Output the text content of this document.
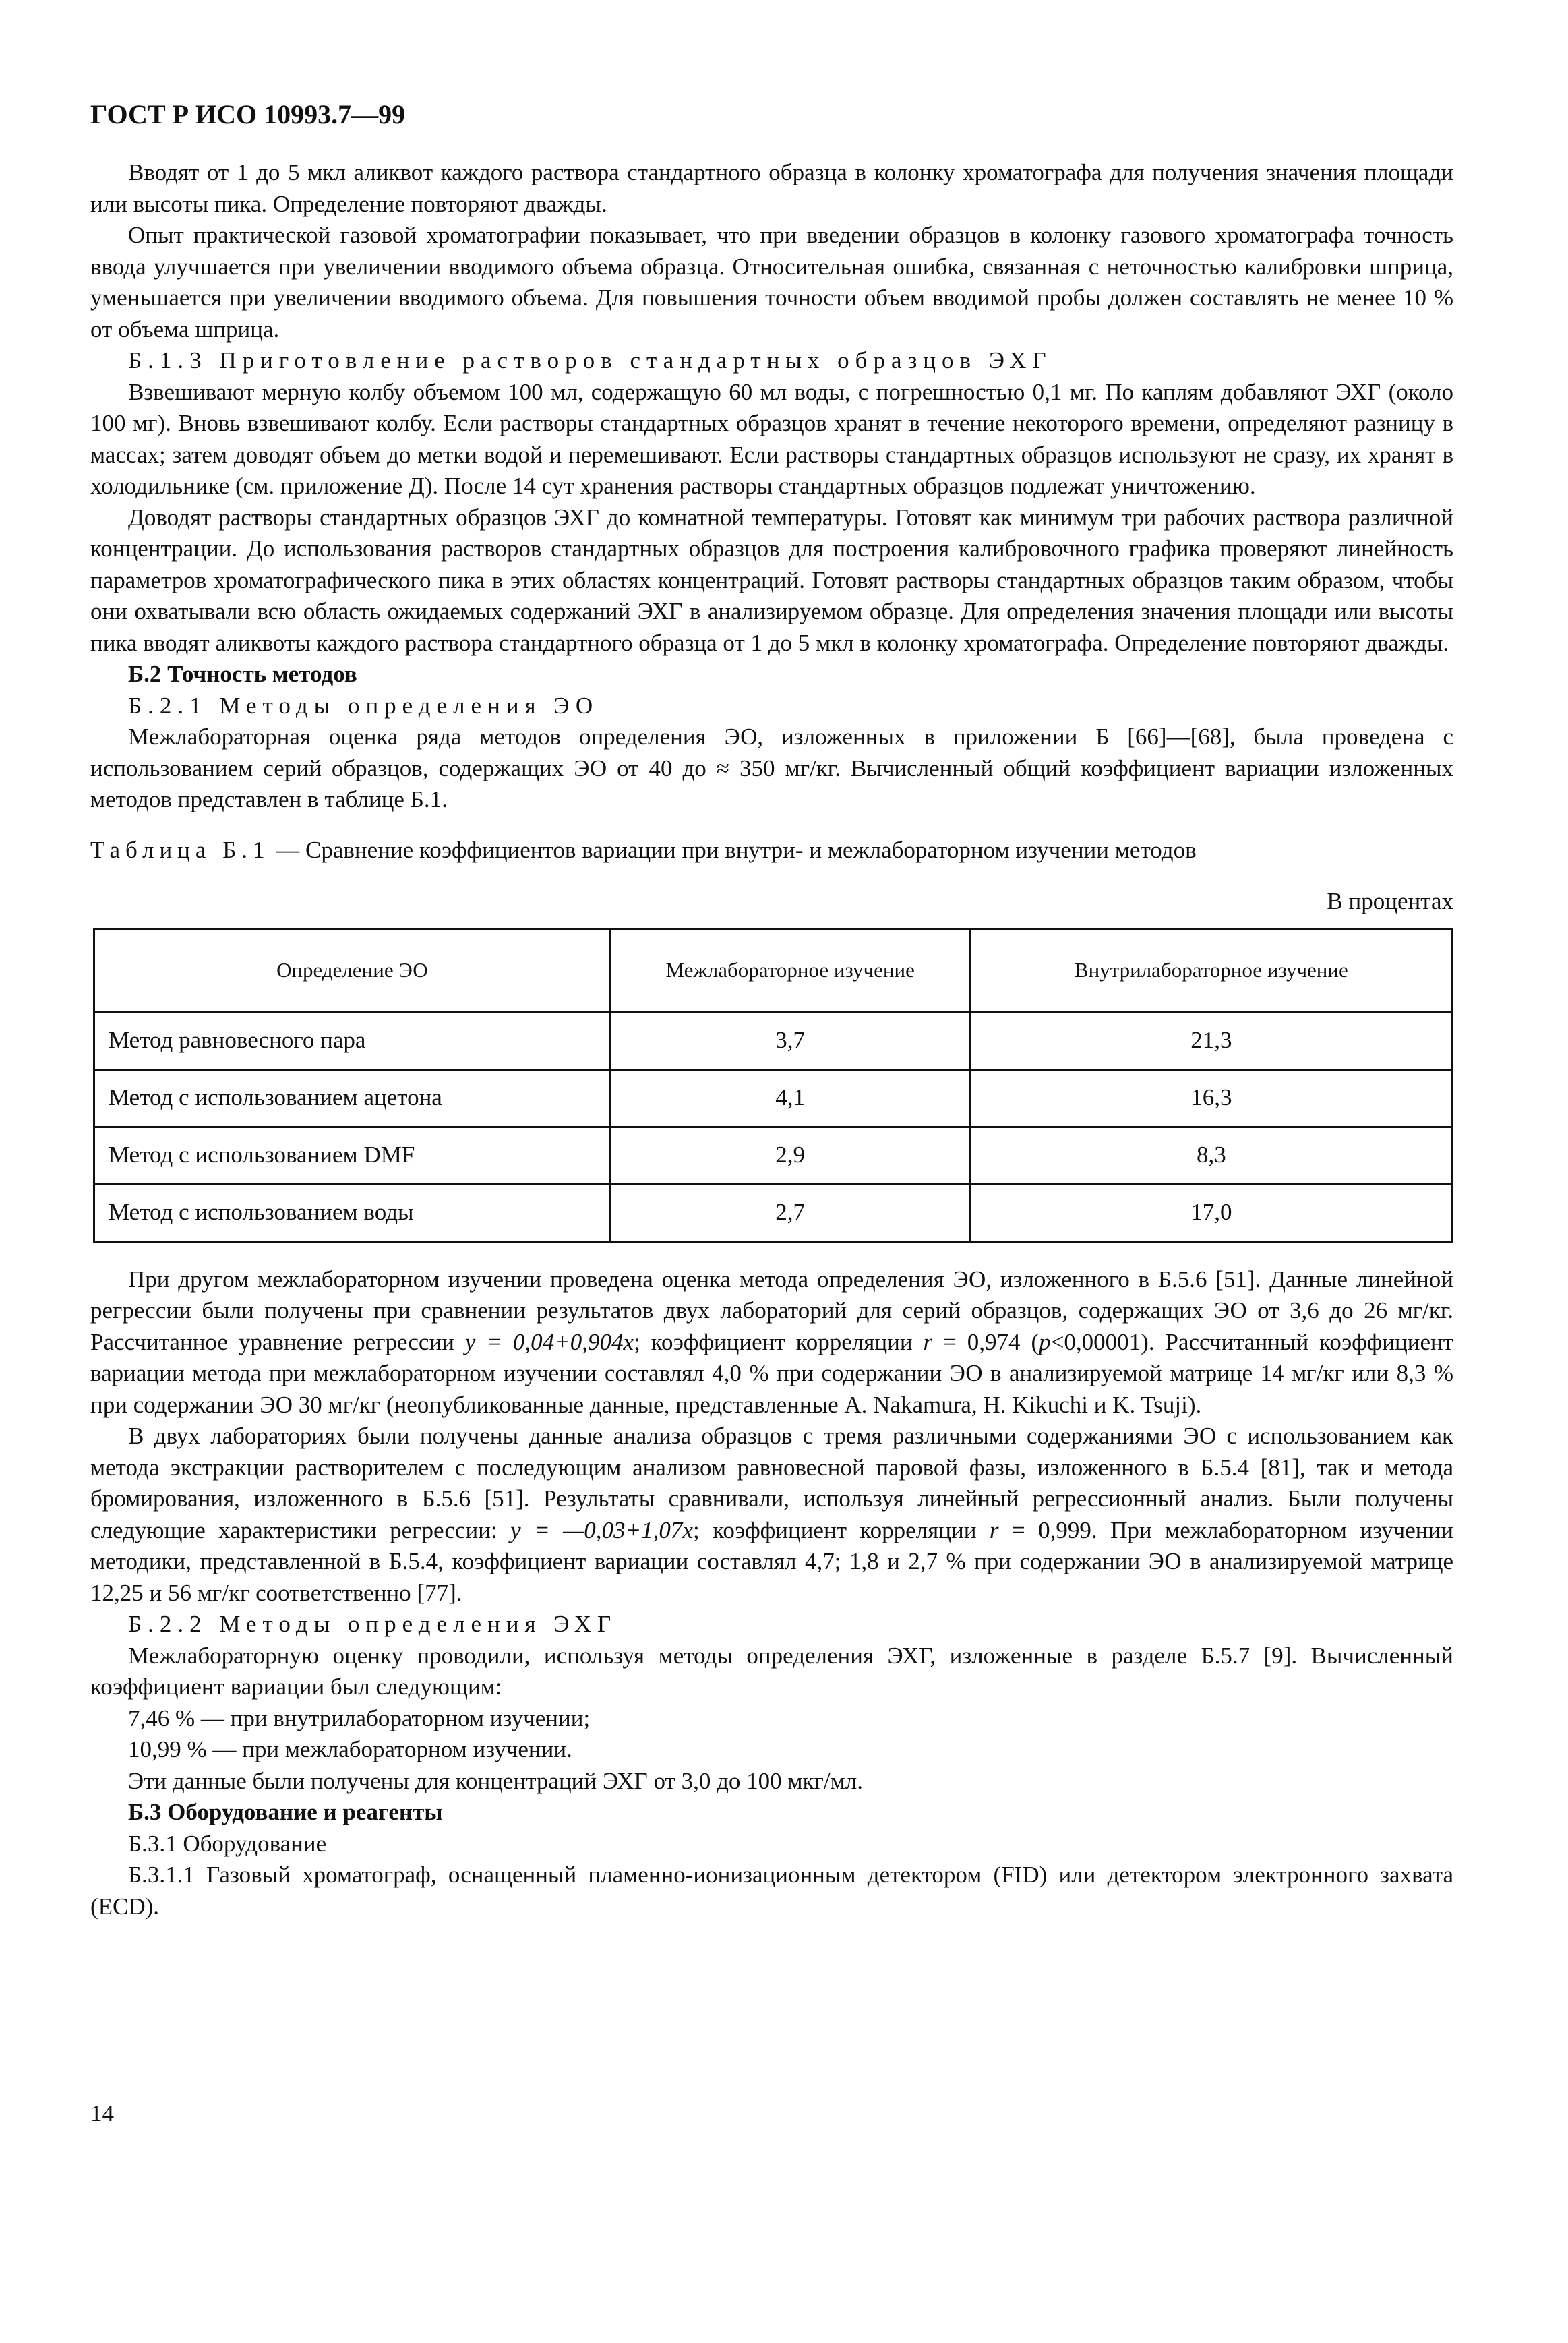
ГОСТ Р ИСО 10993.7—99

Вводят от 1 до 5 мкл аликвот каждого раствора стандартного образца в колонку хроматографа для получения значения площади или высоты пика. Определение повторяют дважды.

Опыт практической газовой хроматографии показывает, что при введении образцов в колонку газового хроматографа точность ввода улучшается при увеличении вводимого объема образца. Относительная ошибка, связанная с неточностью калибровки шприца, уменьшается при увеличении вводимого объема. Для повышения точности объем вводимой пробы должен составлять не менее 10 % от объема шприца.

Б.1.3 Приготовление растворов стандартных образцов ЭХГ

Взвешивают мерную колбу объемом 100 мл, содержащую 60 мл воды, с погрешностью 0,1 мг. По каплям добавляют ЭХГ (около 100 мг). Вновь взвешивают колбу. Если растворы стандартных образцов хранят в течение некоторого времени, определяют разницу в массах; затем доводят объем до метки водой и перемешивают. Если растворы стандартных образцов используют не сразу, их хранят в холодильнике (см. приложение Д). После 14 сут хранения растворы стандартных образцов подлежат уничтожению.

Доводят растворы стандартных образцов ЭХГ до комнатной температуры. Готовят как минимум три рабочих раствора различной концентрации. До использования растворов стандартных образцов для построения калибровочного графика проверяют линейность параметров хроматографического пика в этих областях концентраций. Готовят растворы стандартных образцов таким образом, чтобы они охватывали всю область ожидаемых содержаний ЭХГ в анализируемом образце. Для определения значения площади или высоты пика вводят аликвоты каждого раствора стандартного образца от 1 до 5 мкл в колонку хроматографа. Определение повторяют дважды.

Б.2 Точность методов

Б.2.1 Методы определения ЭО

Межлабораторная оценка ряда методов определения ЭО, изложенных в приложении Б [66]—[68], была проведена с использованием серий образцов, содержащих ЭО от 40 до ≈ 350 мг/кг. Вычисленный общий коэффициент вариации изложенных методов представлен в таблице Б.1.

Таблица Б.1 — Сравнение коэффициентов вариации при внутри- и межлабораторном изучении методов

В процентах

Определение ЭО	Межлабораторное изучение	Внутрилабораторное изучение
Метод равновесного пара	3,7	21,3
Метод с использованием ацетона	4,1	16,3
Метод с использованием DMF	2,9	8,3
Метод с использованием воды	2,7	17,0

При другом межлабораторном изучении проведена оценка метода определения ЭО, изложенного в Б.5.6 [51]. Данные линейной регрессии были получены при сравнении результатов двух лабораторий для серий образцов, содержащих ЭО от 3,6 до 26 мг/кг. Рассчитанное уравнение регрессии y = 0,04+0,904x; коэффициент корреляции r = 0,974 (p<0,00001). Рассчитанный коэффициент вариации метода при межлабораторном изучении составлял 4,0 % при содержании ЭО в анализируемой матрице 14 мг/кг или 8,3 % при содержании ЭО 30 мг/кг (неопубликованные данные, представленные A. Nakamura, H. Kikuchi и K. Tsuji).

В двух лабораториях были получены данные анализа образцов с тремя различными содержаниями ЭО с использованием как метода экстракции растворителем с последующим анализом равновесной паровой фазы, изложенного в Б.5.4 [81], так и метода бромирования, изложенного в Б.5.6 [51]. Результаты сравнивали, используя линейный регрессионный анализ. Были получены следующие характеристики регрессии: y = —0,03+1,07x; коэффициент корреляции r = 0,999. При межлабораторном изучении методики, представленной в Б.5.4, коэффициент вариации составлял 4,7; 1,8 и 2,7 % при содержании ЭО в анализируемой матрице 12,25 и 56 мг/кг соответственно [77].

Б.2.2 Методы определения ЭХГ

Межлабораторную оценку проводили, используя методы определения ЭХГ, изложенные в разделе Б.5.7 [9]. Вычисленный коэффициент вариации был следующим:

7,46 % — при внутрилабораторном изучении;

10,99 % — при межлабораторном изучении.

Эти данные были получены для концентраций ЭХГ от 3,0 до 100 мкг/мл.

Б.3 Оборудование и реагенты

Б.3.1 Оборудование

Б.3.1.1 Газовый хроматограф, оснащенный пламенно-ионизационным детектором (FID) или детектором электронного захвата (ECD).

14
